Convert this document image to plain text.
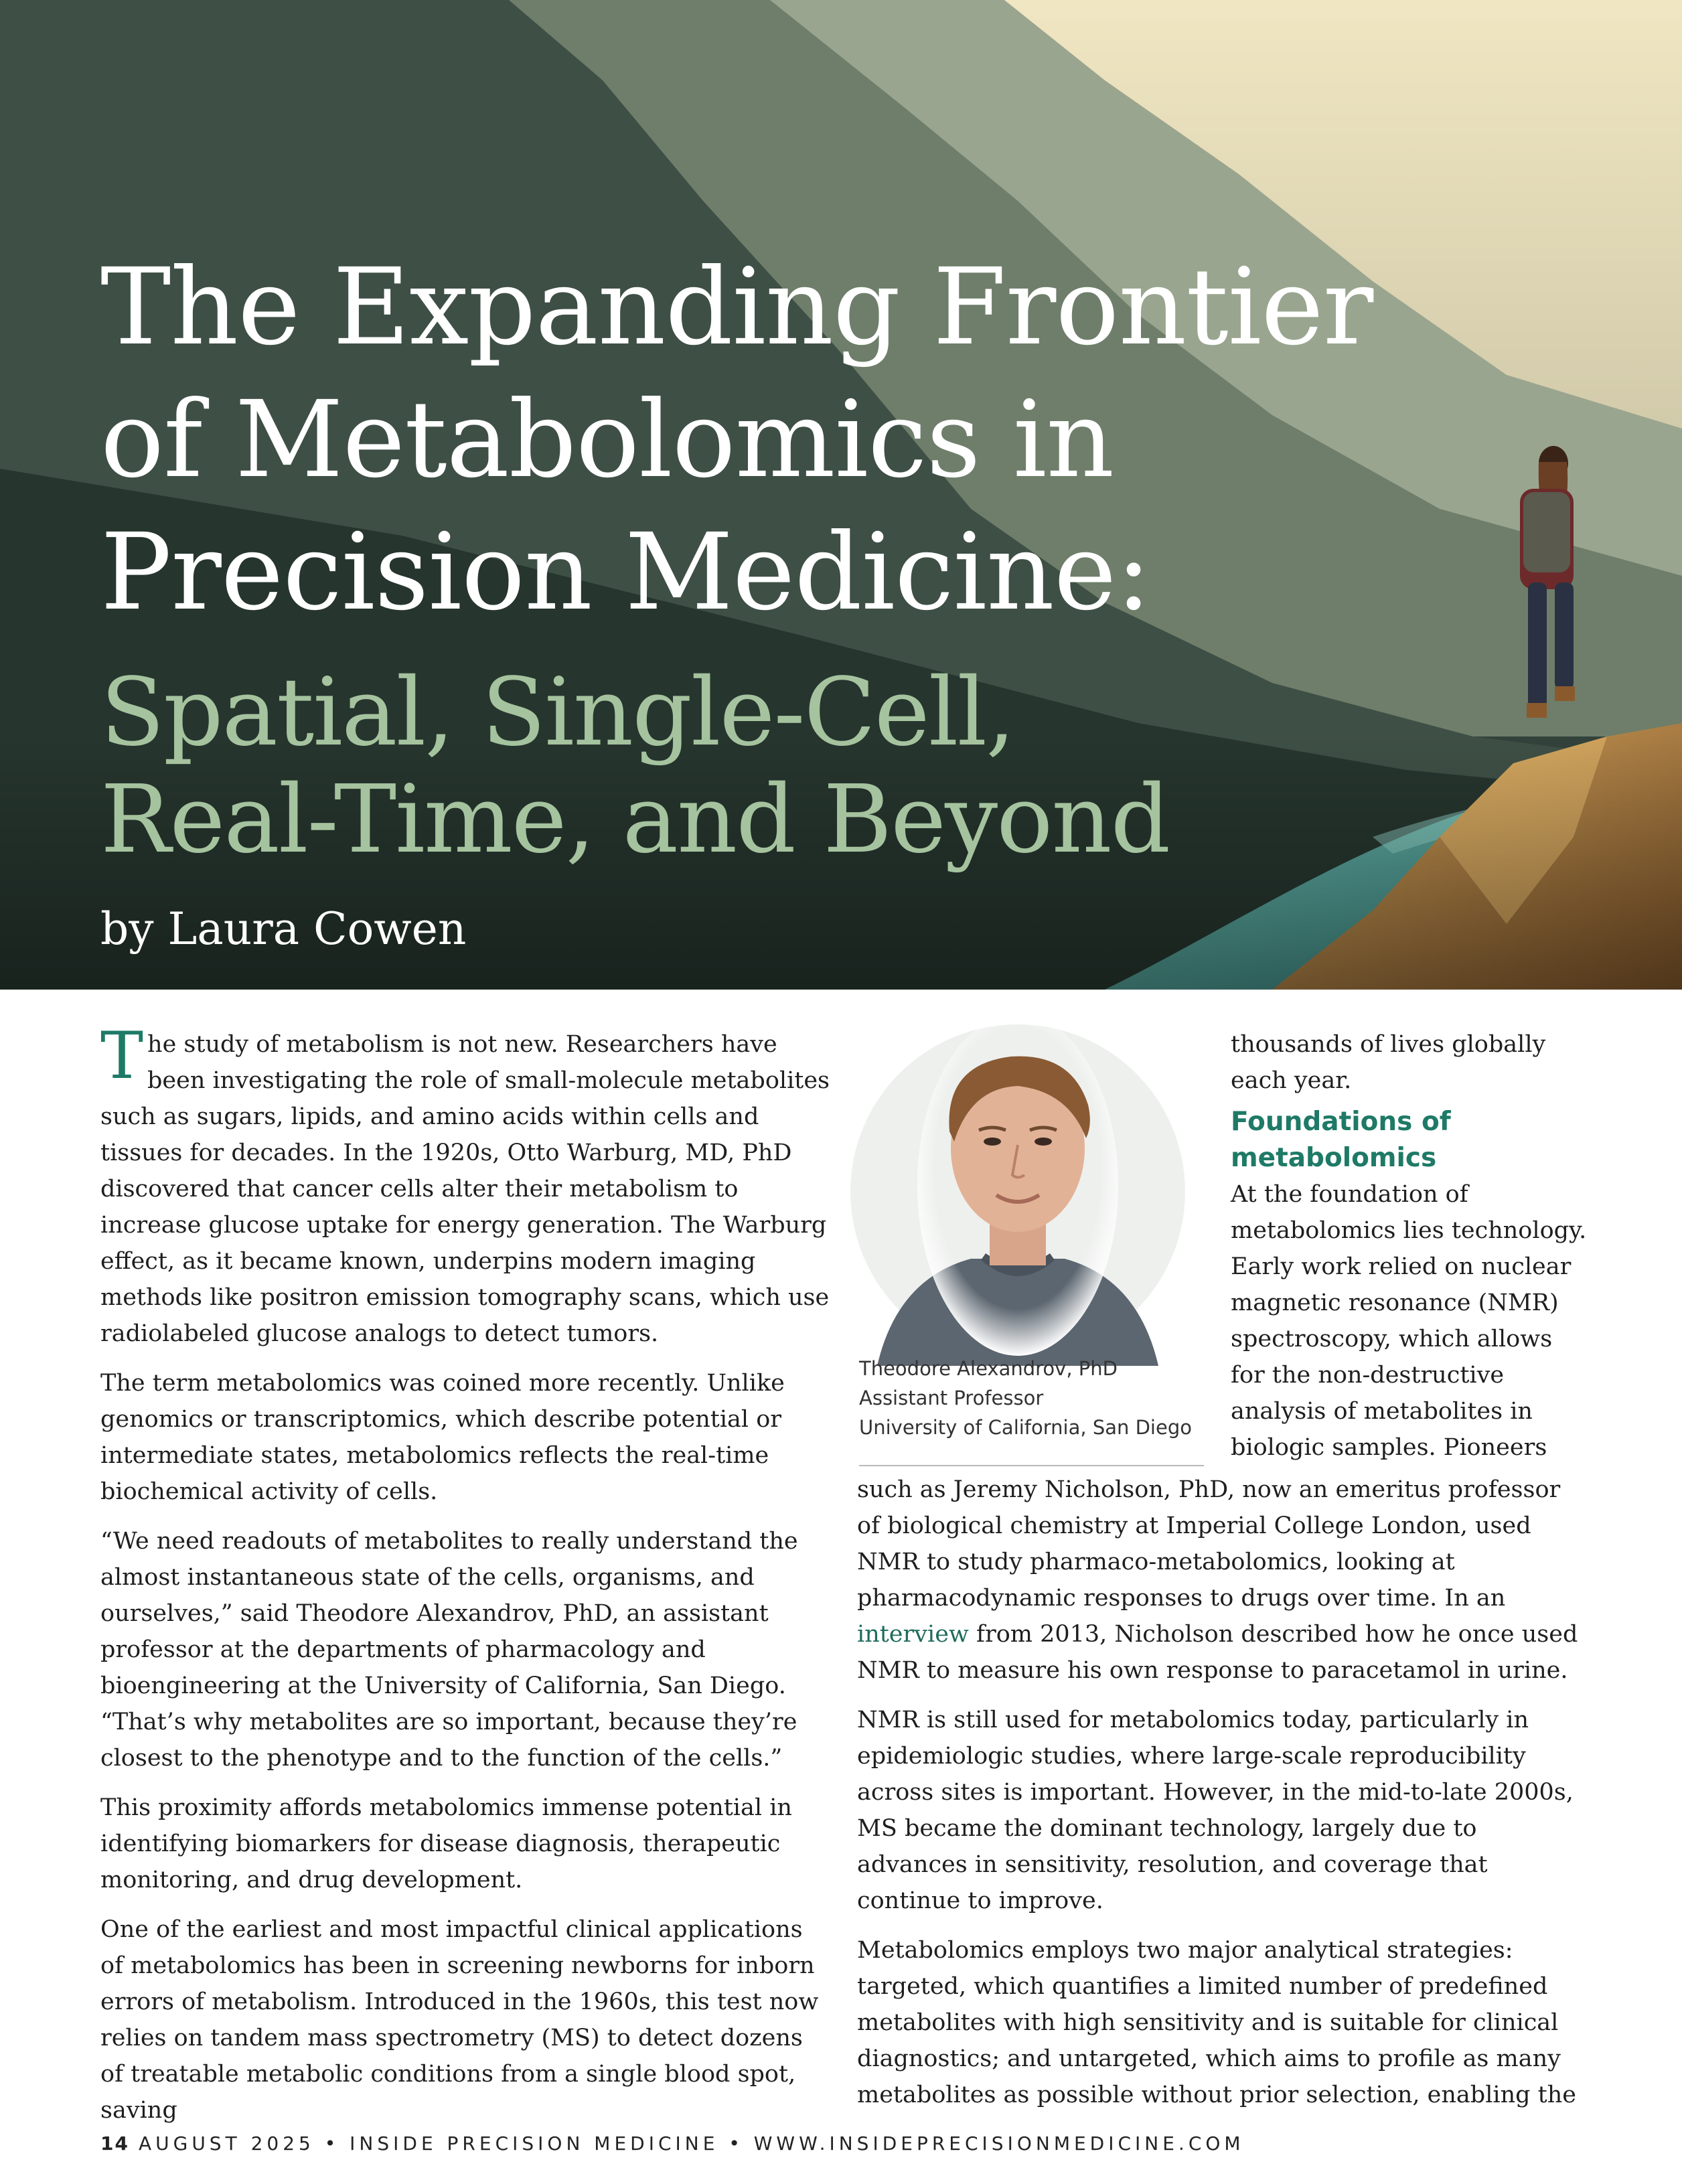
The Expanding Frontier
of Metabolomics in
Precision Medicine:
Spatial, Single-Cell,
Real-Time, and Beyond

by Laura Cowen

The study of metabolism is not new. Researchers have been investigating the role of small-molecule metabolites such as sugars, lipids, and amino acids within cells and tissues for decades. In the 1920s, Otto Warburg, MD, PhD discovered that cancer cells alter their metabolism to increase glucose uptake for energy generation. The Warburg effect, as it became known, underpins modern imaging methods like positron emission tomography scans, which use radiolabeled glucose analogs to detect tumors.

The term metabolomics was coined more recently. Unlike genomics or transcriptomics, which describe potential or intermediate states, metabolomics reflects the real-time biochemical activity of cells.

“We need readouts of metabolites to really understand the almost instantaneous state of the cells, organisms, and ourselves,” said Theodore Alexandrov, PhD, an assistant professor at the departments of pharmacology and bioengineering at the University of California, San Diego. “That’s why metabolites are so important, because they’re closest to the phenotype and to the function of the cells.”

This proximity affords metabolomics immense potential in identifying biomarkers for disease diagnosis, therapeutic monitoring, and drug development.

One of the earliest and most impactful clinical applications of metabolomics has been in screening newborns for inborn errors of metabolism. Introduced in the 1960s, this test now relies on tandem mass spectrometry (MS) to detect dozens of treatable metabolic conditions from a single blood spot, saving

Theodore Alexandrov, PhD
Assistant Professor
University of California, San Diego

thousands of lives globally each year.

Foundations of metabolomics

At the foundation of metabolomics lies technology. Early work relied on nuclear magnetic resonance (NMR) spectroscopy, which allows for the non-destructive analysis of metabolites in biologic samples. Pioneers

such as Jeremy Nicholson, PhD, now an emeritus professor of biological chemistry at Imperial College London, used NMR to study pharmaco-metabolomics, looking at pharmacodynamic responses to drugs over time. In an interview from 2013, Nicholson described how he once used NMR to measure his own response to paracetamol in urine.

NMR is still used for metabolomics today, particularly in epidemiologic studies, where large-scale reproducibility across sites is important. However, in the mid-to-late 2000s, MS became the dominant technology, largely due to advances in sensitivity, resolution, and coverage that continue to improve.

Metabolomics employs two major analytical strategies: targeted, which quantifies a limited number of predefined metabolites with high sensitivity and is suitable for clinical diagnostics; and untargeted, which aims to profile as many metabolites as possible without prior selection, enabling the

14 AUGUST 2025 • INSIDE PRECISION MEDICINE • WWW.INSIDEPRECISIONMEDICINE.COM
